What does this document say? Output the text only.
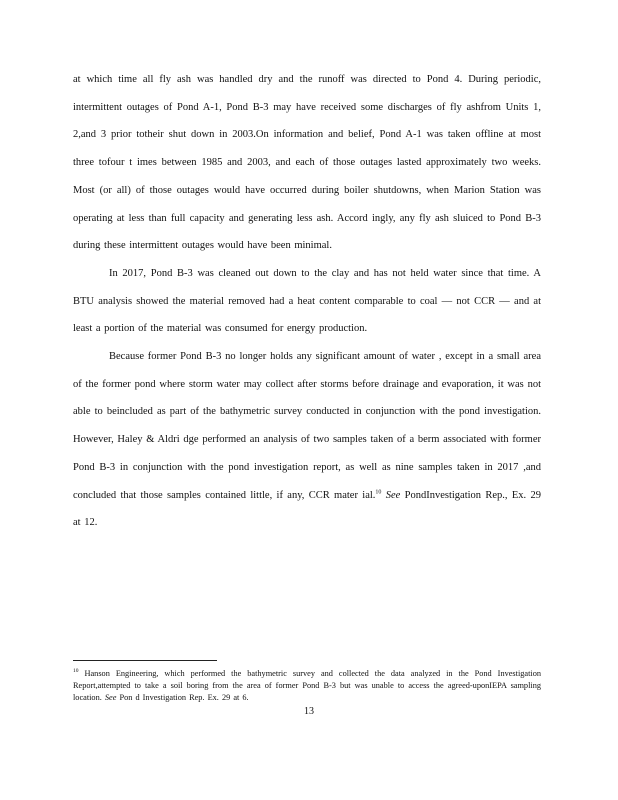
at which time all fly ash was handled dry and the runoff was directed to Pond 4. During periodic, intermittent outages of Pond A-1, Pond B-3 may have received some discharges of fly ashfrom Units 1, 2,and 3 prior totheir shut down in 2003.On information and belief, Pond A-1 was taken offline at most three tofour t imes between 1985 and 2003, and each of those outages lasted approximately two weeks. Most (or all) of those outages would have occurred during boiler shutdowns, when Marion Station was operating at less than full capacity and generating less ash. Accord ingly, any fly ash sluiced to Pond B-3 during these intermittent outages would have been minimal.

In 2017, Pond B-3 was cleaned out down to the clay and has not held water since that time. A BTU analysis showed the material removed had a heat content comparable to coal — not CCR — and at least a portion of the material was consumed for energy production.

Because former Pond B-3 no longer holds any significant amount of water , except in a small area of the former pond where storm water may collect after storms before drainage and evaporation, it was not able to beincluded as part of the bathymetric survey conducted in conjunction with the pond investigation. However, Haley & Aldri dge performed an analysis of two samples taken of a berm associated with former Pond B-3 in conjunction with the pond investigation report, as well as nine samples taken in 2017 ,and concluded that those samples contained little, if any, CCR mater ial.$^{10}$ See PondInvestigation Rep., Ex. 29 at 12.

$^{10}$ Hanson Engineering, which performed the bathymetric survey and collected the data analyzed in the Pond Investigation Report,attempted to take a soil boring from the area of former Pond B-3 but was unable to access the agreed-uponIEPA sampling location. See Pon d Investigation Rep. Ex. 29 at 6.
13
